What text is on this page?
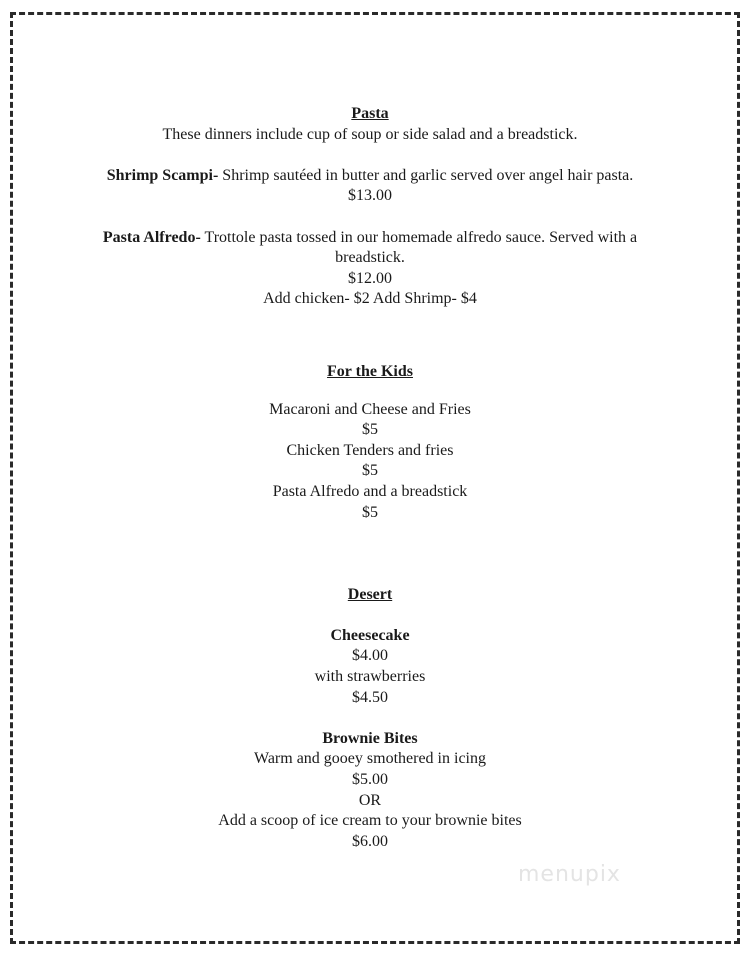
Pasta
These dinners include cup of soup or side salad and a breadstick.
Shrimp Scampi- Shrimp sautéed in butter and garlic served over angel hair pasta.
$13.00
Pasta Alfredo- Trottole pasta tossed in our homemade alfredo sauce. Served with a breadstick.
$12.00
Add chicken- $2 Add Shrimp- $4
For the Kids
Macaroni and Cheese and Fries
$5
Chicken Tenders and fries
$5
Pasta Alfredo and a breadstick
$5
Desert
Cheesecake
$4.00
with strawberries
$4.50
Brownie Bites
Warm and gooey smothered in icing
$5.00
OR
Add a scoop of ice cream to your brownie bites
$6.00
menupix
